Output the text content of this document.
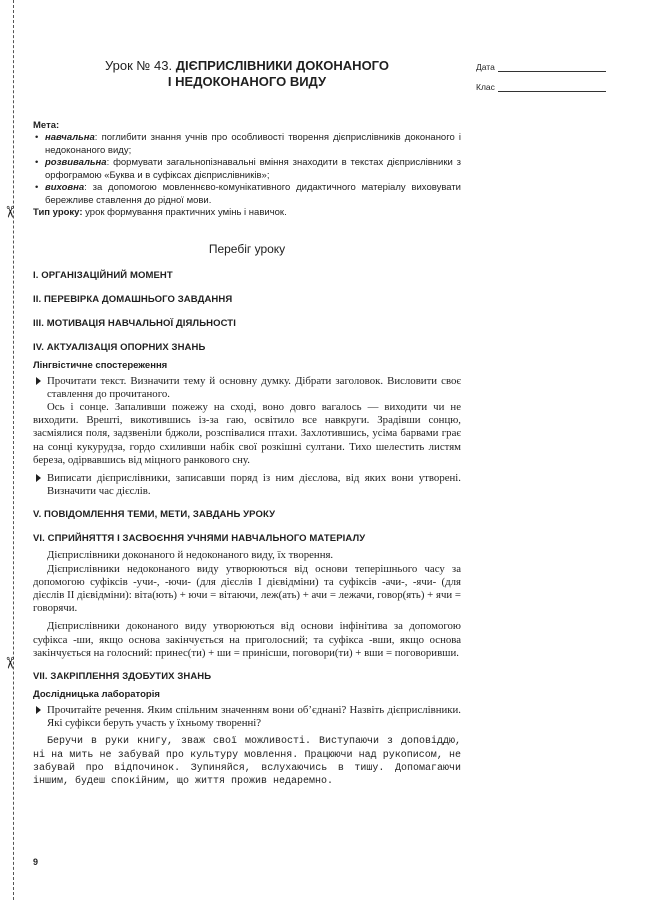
✂
✂
Урок № 43. ДІЄПРИСЛІВНИКИ ДОКОНАНОГО
І НЕДОКОНАНОГО ВИДУ
Мета:
• навчальна: поглибити знання учнів про особливості творення дієприслівників доконаного і недоконаного виду;
• розвивальна: формувати загальнопізнавальні вміння знаходити в текстах дієприслівники з орфограмою «Буква и в суфіксах дієприслівників»;
• виховна: за допомогою мовленнєво-комунікативного дидактичного матеріалу виховувати бережливе ставлення до рідної мови.
Тип уроку: урок формування практичних умінь і навичок.
Перебіг уроку
I. ОРГАНІЗАЦІЙНИЙ МОМЕНТ
II. ПЕРЕВІРКА ДОМАШНЬОГО ЗАВДАННЯ
III. МОТИВАЦІЯ НАВЧАЛЬНОЇ ДІЯЛЬНОСТІ
IV. АКТУАЛІЗАЦІЯ ОПОРНИХ ЗНАНЬ
Лінгвістичне спостереження

Прочитати текст. Визначити тему й основну думку. Дібрати заголовок. Висловити своє ставлення до прочитаного.

Ось і сонце. Запаливши пожежу на сході, воно довго вагалось — виходити чи не виходити. Врешті, викотившись із-за гаю, освітило все навкруги. Зрадівши сонцю, засміялися поля, задзвеніли бджоли, розспівалися птахи. Захлотившись, усіма барвами грає на сонці кукурудза, гордо схиливши набік свої розкішні султани. Тихо шелестить листям береза, одірвавшись від міцного ранкового сну.

Виписати дієприслівники, записавши поряд із ним дієслова, від яких вони утворені. Визначити час дієслів.

V. ПОВІДОМЛЕННЯ ТЕМИ, МЕТИ, ЗАВДАНЬ УРОКУ
VI. СПРИЙНЯТТЯ І ЗАСВОЄННЯ УЧНЯМИ НАВЧАЛЬНОГО МАТЕРІАЛУ

Дієприслівники доконаного й недоконаного виду, їх творення.

Дієприслівники недоконаного виду утворюються від основи теперішнього часу за допомогою суфіксів -учи-, -ючи- (для дієслів I дієвідміни) та суфіксів -ачи-, -ячи- (для дієслів II дієвідміни): віта(ють) + ючи = вітаючи, леж(ать) + ачи = лежачи, говор(ять) + ячи = говорячи.

Дієприслівники доконаного виду утворюються від основи інфінітива за допомогою суфікса -ши, якщо основа закінчується на приголосний; та суфікса -вши, якщо основа закінчується на голосний: принес(ти) + ши = принісши, поговори(ти) + вши = поговоривши.

VII. ЗАКРІПЛЕННЯ ЗДОБУТИХ ЗНАНЬ
Дослідницька лабораторія

Прочитайте речення. Яким спільним значенням вони об’єднані? Назвіть дієприслівники. Які суфікси беруть участь у їхньому творенні?

Беручи в руки книгу, зваж свої можливості. Виступаючи з доповіддю, ні на мить не забувай про культуру мовлення. Працюючи над рукописом, не забувай про відпочинок. Зупиняйся, вслухаючись в тишу. Допомагаючи іншим, будеш спокійним, що життя прожив недаремно.

Дата
Клас
9
